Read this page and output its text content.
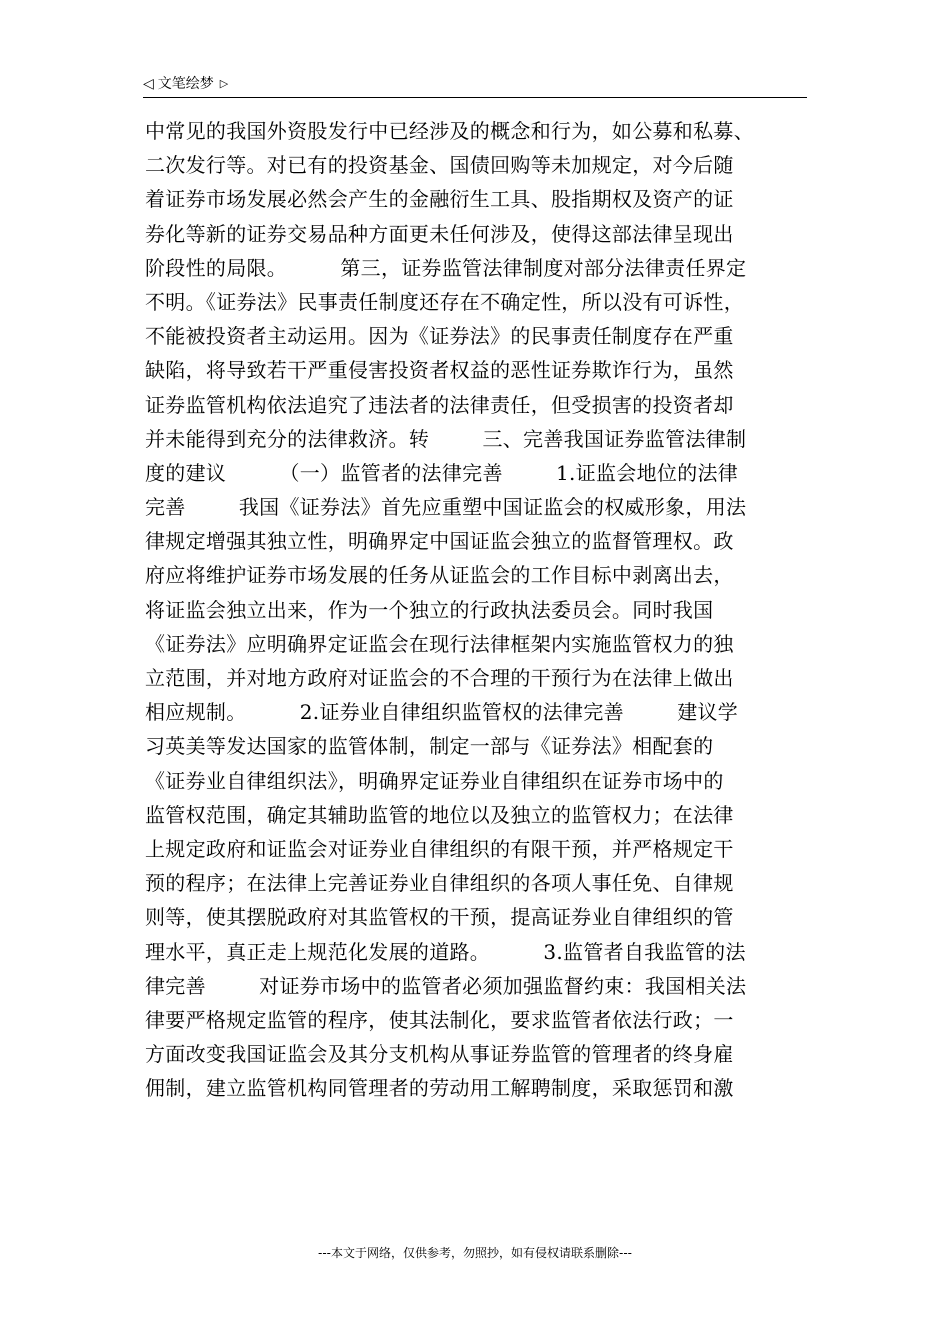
◁ 文笔绘梦 ▷
中常见的我国外资股发行中已经涉及的概念和行为，如公募和私募、
二次发行等。对已有的投资基金、国债回购等未加规定，对今后随
着证券市场发展必然会产生的金融衍生工具、股指期权及资产的证
券化等新的证券交易品种方面更未任何涉及，使得这部法律呈现出
阶段性的局限。        第三，证券监管法律制度对部分法律责任界定
不明。《证券法》民事责任制度还存在不确定性，所以没有可诉性，
不能被投资者主动运用。因为《证券法》的民事责任制度存在严重
缺陷，将导致若干严重侵害投资者权益的恶性证券欺诈行为，虽然
证券监管机构依法追究了违法者的法律责任，但受损害的投资者却
并未能得到充分的法律救济。转        三、完善我国证券监管法律制
度的建议        （一）监管者的法律完善        1.证监会地位的法律
完善        我国《证券法》首先应重塑中国证监会的权威形象，用法
律规定增强其独立性，明确界定中国证监会独立的监督管理权。政
府应将维护证券市场发展的任务从证监会的工作目标中剥离出去，
将证监会独立出来，作为一个独立的行政执法委员会。同时我国
《证券法》应明确界定证监会在现行法律框架内实施监管权力的独
立范围，并对地方政府对证监会的不合理的干预行为在法律上做出
相应规制。        2.证券业自律组织监管权的法律完善        建议学
习英美等发达国家的监管体制，制定一部与《证券法》相配套的
《证券业自律组织法》，明确界定证券业自律组织在证券市场中的
监管权范围，确定其辅助监管的地位以及独立的监管权力；在法律
上规定政府和证监会对证券业自律组织的有限干预，并严格规定干
预的程序；在法律上完善证券业自律组织的各项人事任免、自律规
则等，使其摆脱政府对其监管权的干预，提高证券业自律组织的管
理水平，真正走上规范化发展的道路。        3.监管者自我监管的法
律完善        对证券市场中的监管者必须加强监督约束：我国相关法
律要严格规定监管的程序，使其法制化，要求监管者依法行政；一
方面改变我国证监会及其分支机构从事证券监管的管理者的终身雇
佣制，建立监管机构同管理者的劳动用工解聘制度，采取惩罚和激
---本文于网络，仅供参考，勿照抄，如有侵权请联系删除---
